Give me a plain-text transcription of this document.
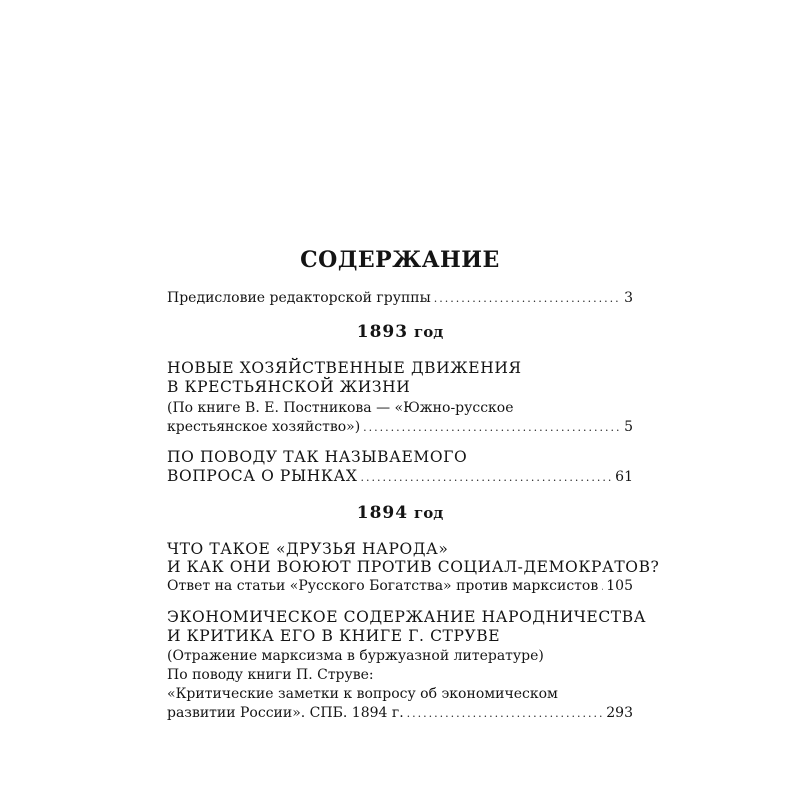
СОДЕРЖАНИЕ
Предисловие редакторской группы .....	3
1893 год
НОВЫЕ ХОЗЯЙСТВЕННЫЕ ДВИЖЕНИЯ
В КРЕСТЬЯНСКОЙ ЖИЗНИ
(По книге В. Е. Постникова — «Южно-русское
крестьянское хозяйство») .....	5
ПО ПОВОДУ ТАК НАЗЫВАЕМОГО
ВОПРОСА О РЫНКАХ .....	61
1894 год
ЧТО ТАКОЕ «ДРУЗЬЯ НАРОДА»
И КАК ОНИ ВОЮЮТ ПРОТИВ СОЦИАЛ-ДЕМОКРАТОВ?
Ответ на статьи «Русского Богатства» против марксистов ..... 105
ЭКОНОМИЧЕСКОЕ СОДЕРЖАНИЕ НАРОДНИЧЕСТВА
И КРИТИКА ЕГО В КНИГЕ Г. СТРУВЕ
(Отражение марксизма в буржуазной литературе)
По поводу книги П. Струве:
«Критические заметки к вопросу об экономическом
развитии России». СПБ. 1894 г. .....	293
